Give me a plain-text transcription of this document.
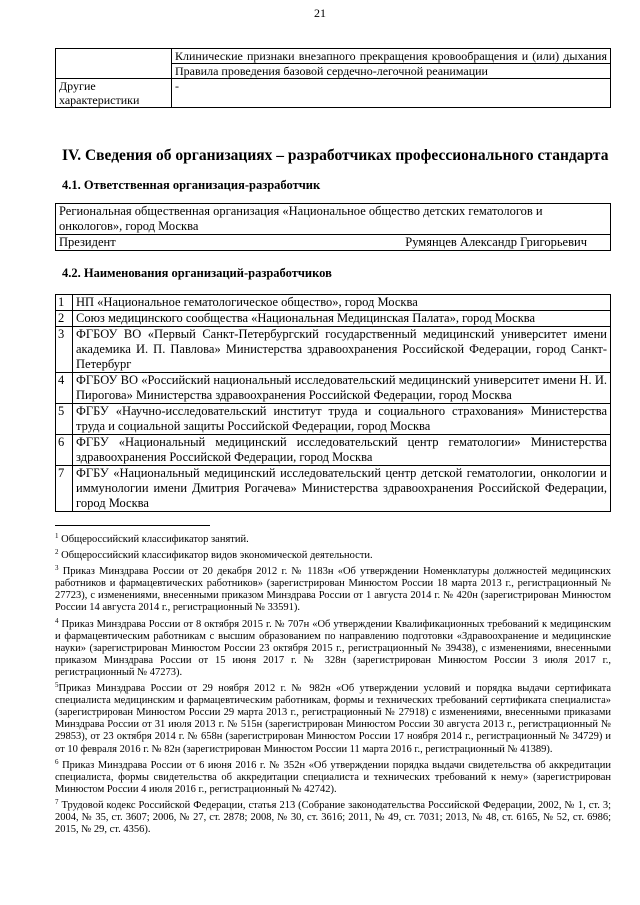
21
	Клинические признаки внезапного прекращения кровообращения и (или) дыхания
	Правила проведения базовой сердечно-легочной реанимации
Другие характеристики	-
IV. Сведения об организациях – разработчиках профессионального стандарта
4.1. Ответственная организация-разработчик
Региональная общественная организация «Национальное общество детских гематологов и онкологов», город Москва

Президент	Румянцев Александр Григорьевич
4.2. Наименования организаций-разработчиков
1	НП «Национальное гематологическое общество», город Москва
2	Союз медицинского сообщества «Национальная Медицинская Палата», город Москва
3	ФГБОУ ВО «Первый Санкт-Петербургский государственный медицинский университет имени академика И. П. Павлова» Министерства здравоохранения Российской Федерации, город Санкт-Петербург
4	ФГБОУ ВО «Российский национальный исследовательский медицинский университет имени Н. И. Пирогова» Министерства здравоохранения Российской Федерации, город Москва
5	ФГБУ «Научно-исследовательский институт труда и социального страхования» Министерства труда и социальной защиты Российской Федерации, город Москва
6	ФГБУ «Национальный медицинский исследовательский центр гематологии» Министерства здравоохранения Российской Федерации, город Москва
7	ФГБУ «Национальный медицинский исследовательский центр детской гематологии, онкологии и иммунологии имени Дмитрия Рогачева» Министерства здравоохранения Российской Федерации, город Москва

$^1$ Общероссийский классификатор занятий.

$^2$ Общероссийский классификатор видов экономической деятельности.

$^3$ Приказ Минздрава России от 20 декабря 2012 г. № 1183н «Об утверждении Номенклатуры должностей медицинских работников и фармацевтических работников» (зарегистрирован Минюстом России 18 марта 2013 г., регистрационный № 27723), с изменениями, внесенными приказом Минздрава России от 1 августа 2014 г. № 420н (зарегистрирован Минюстом России 14 августа 2014 г., регистрационный № 33591).

$^4$ Приказ Минздрава России от 8 октября 2015 г. № 707н «Об утверждении Квалификационных требований к медицинским и фармацевтическим работникам с высшим образованием по направлению подготовки «Здравоохранение и медицинские науки» (зарегистрирован Минюстом России 23 октября 2015 г., регистрационный № 39438), с изменениями, внесенными приказом Минздрава России от 15 июня 2017 г. № 328н (зарегистрирован Минюстом России 3 июля 2017 г., регистрационный № 47273).

$^5$Приказ Минздрава России от 29 ноября 2012 г. № 982н «Об утверждении условий и порядка выдачи сертификата специалиста медицинским и фармацевтическим работникам, формы и технических требований сертификата специалиста» (зарегистрирован Минюстом России 29 марта 2013 г., регистрационный № 27918) с изменениями, внесенными приказами Минздрава России от 31 июля 2013 г. № 515н (зарегистрирован Минюстом России 30 августа 2013 г., регистрационный № 29853), от 23 октября 2014 г. № 658н (зарегистрирован Минюстом России 17 ноября 2014 г., регистрационный № 34729) и от 10 февраля 2016 г. № 82н (зарегистрирован Минюстом России 11 марта 2016 г., регистрационный № 41389).

$^6$ Приказ Минздрава России от 6 июня 2016 г. № 352н «Об утверждении порядка выдачи свидетельства об аккредитации специалиста, формы свидетельства об аккредитации специалиста и технических требований к нему» (зарегистрирован Минюстом России 4 июля 2016 г., регистрационный № 42742).

$^7$ Трудовой кодекс Российской Федерации, статья 213 (Собрание законодательства Российской Федерации, 2002, № 1, ст. 3; 2004, № 35, ст. 3607; 2006, № 27, ст. 2878; 2008, № 30, ст. 3616; 2011, № 49, ст. 7031; 2013, № 48, ст. 6165, № 52, ст. 6986; 2015, № 29, ст. 4356).
